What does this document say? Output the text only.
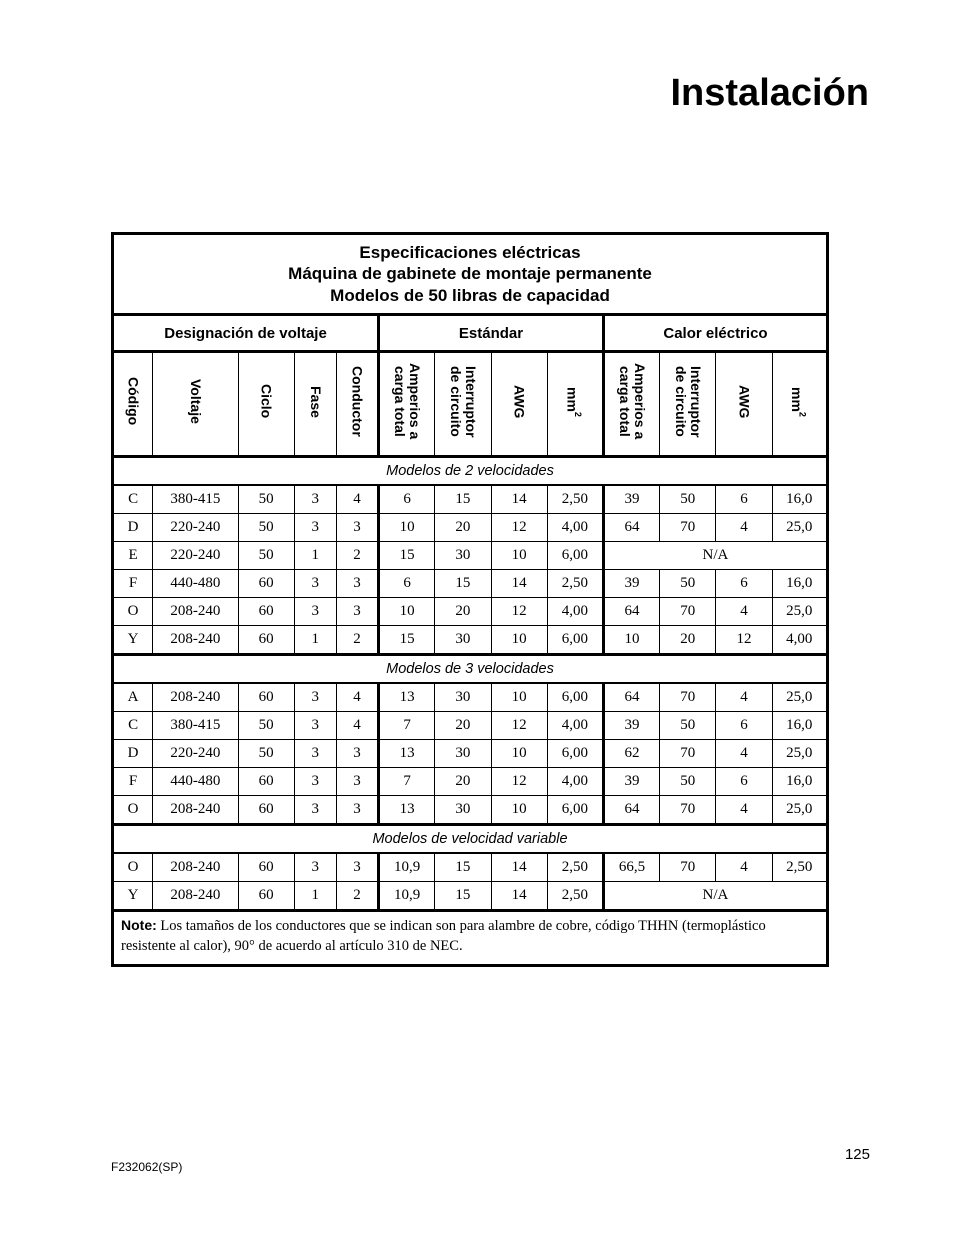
Instalación
Especificaciones eléctricas
Máquina de gabinete de montaje permanente
Modelos de 50 libras de capacidad												

Designación de voltaje					Estándar				Calor eléctrico			
Código	Voltaje	Ciclo	Fase	Conductor	Amperios a
carga total	Interruptor
de circuito	AWG	$mm^2$	Amperios a
carga total	Interruptor
de circuito	AWG	$mm^2$
Modelos de 2 velocidades												
C	380-415	50	3	4	6	15	14	2,50	39	50	6	16,0
D	220-240	50	3	3	10	20	12	4,00	64	70	4	25,0
E	220-240	50	1	2	15	30	10	6,00	N/A			
F	440-480	60	3	3	6	15	14	2,50	39	50	6	16,0
O	208-240	60	3	3	10	20	12	4,00	64	70	4	25,0
Y	208-240	60	1	2	15	30	10	6,00	10	20	12	4,00
Modelos de 3 velocidades												
A	208-240	60	3	4	13	30	10	6,00	64	70	4	25,0
C	380-415	50	3	4	7	20	12	4,00	39	50	6	16,0
D	220-240	50	3	3	13	30	10	6,00	62	70	4	25,0
F	440-480	60	3	3	7	20	12	4,00	39	50	6	16,0
O	208-240	60	3	3	13	30	10	6,00	64	70	4	25,0
Modelos de velocidad variable												
O	208-240	60	3	3	10,9	15	14	2,50	66,5	70	4	2,50
Y	208-240	60	1	2	10,9	15	14	2,50	N/A			
Note: Los tamaños de los conductores que se indican son para alambre de cobre, código THHN (termoplástico resistente al calor), 90° de acuerdo al artículo 310 de NEC.												
125
F232062(SP)
